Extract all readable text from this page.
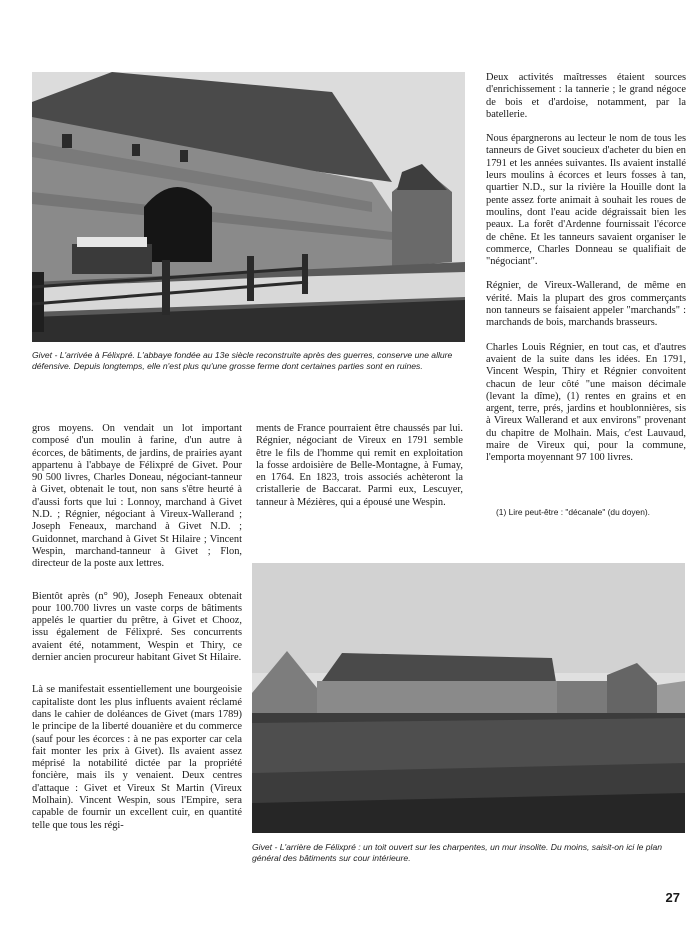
Givet - L'arrivée à Félixpré. L'abbaye fondée au 13e siècle reconstruite après des guerres, conserve une allure défensive. Depuis longtemps, elle n'est plus qu'une grosse ferme dont certaines parties sont en ruines.

Deux activités maîtresses étaient sources d'enrichissement : la tannerie ; le grand négoce de bois et d'ardoise, notamment, par la batellerie.

Nous épargnerons au lecteur le nom de tous les tanneurs de Givet soucieux d'acheter du bien en 1791 et les années suivantes. Ils avaient installé leurs moulins à écorces et leurs fosses à tan, quartier N.D., sur la rivière la Houille dont la pente assez forte animait à souhait les roues de moulins, dont l'eau acide dégraissait bien les peaux. La forêt d'Ardenne fournissait l'écorce de chêne. Et les tanneurs savaient organiser le commerce, Charles Donneau se qualifiait de "négociant".

Régnier, de Vireux-Wallerand, de même en vérité. Mais la plupart des gros commerçants non tanneurs se faisaient appeler "marchands" : marchands de bois, marchands brasseurs.

Charles Louis Régnier, en tout cas, et d'autres avaient de la suite dans les idées. En 1791, Vincent Wespin, Thiry et Régnier convoitent chacun de leur côté "une maison décimale (levant la dîme), (1) rentes en grains et en argent, terre, prés, jardins et houblonnières, sis à Vireux Wallerand et aux environs" provenant du chapitre de Molhain. Mais, c'est Lauvaud, maire de Vireux qui, pour la commune, l'emporta moyennant 97 100 livres.

(1) Lire peut-être : "décanale" (du doyen).

gros moyens. On vendait un lot important composé d'un moulin à farine, d'un autre à écorces, de bâtiments, de jardins, de prairies ayant appartenu à l'abbaye de Félixpré de Givet. Pour 90 500 livres, Charles Doneau, négociant-tanneur à Givet, obtenait le tout, non sans s'être heurté à d'aussi forts que lui : Lonnoy, marchand à Givet N.D. ; Régnier, négociant à Vireux-Wallerand ; Joseph Feneaux, marchand à Givet N.D. ; Guidonnet, marchand à Givet St Hilaire ; Vincent Wespin, marchand-tanneur à Givet ; Flon, directeur de la poste aux lettres.

Bientôt après (n° 90), Joseph Feneaux obtenait pour 100.700 livres un vaste corps de bâtiments appelés le quartier du prêtre, à Givet et Chooz, issu également de Félixpré. Ses concurrents avaient été, notamment, Wespin et Thiry, ce dernier ancien procureur habitant Givet St Hilaire.

Là se manifestait essentiellement une bourgeoisie capitaliste dont les plus influents avaient réclamé dans le cahier de doléances de Givet (mars 1789) le principe de la liberté douanière et du commerce (sauf pour les écorces : à ne pas exporter car cela fait monter les prix à Givet). Ils avaient assez méprisé la notabilité dictée par la propriété foncière, mais ils y venaient. Deux centres d'attaque : Givet et Vireux St Martin (Vireux Molhain). Vincent Wespin, sous l'Empire, sera capable de fournir un excellent cuir, en quantité telle que tous les régi-

ments de France pourraient être chaussés par lui. Régnier, négociant de Vireux en 1791 semble être le fils de l'homme qui remit en exploitation la fosse ardoisière de Belle-Montagne, à Fumay, en 1764. En 1823, trois associés achèteront la cristallerie de Baccarat. Parmi eux, Lescuyer, tanneur à Mézières, qui a épousé une Wespin.

Givet - L'arrière de Félixpré : un toit ouvert sur les charpentes, un mur insolite. Du moins, saisit-on ici le plan général des bâtiments sur cour intérieure.

27
